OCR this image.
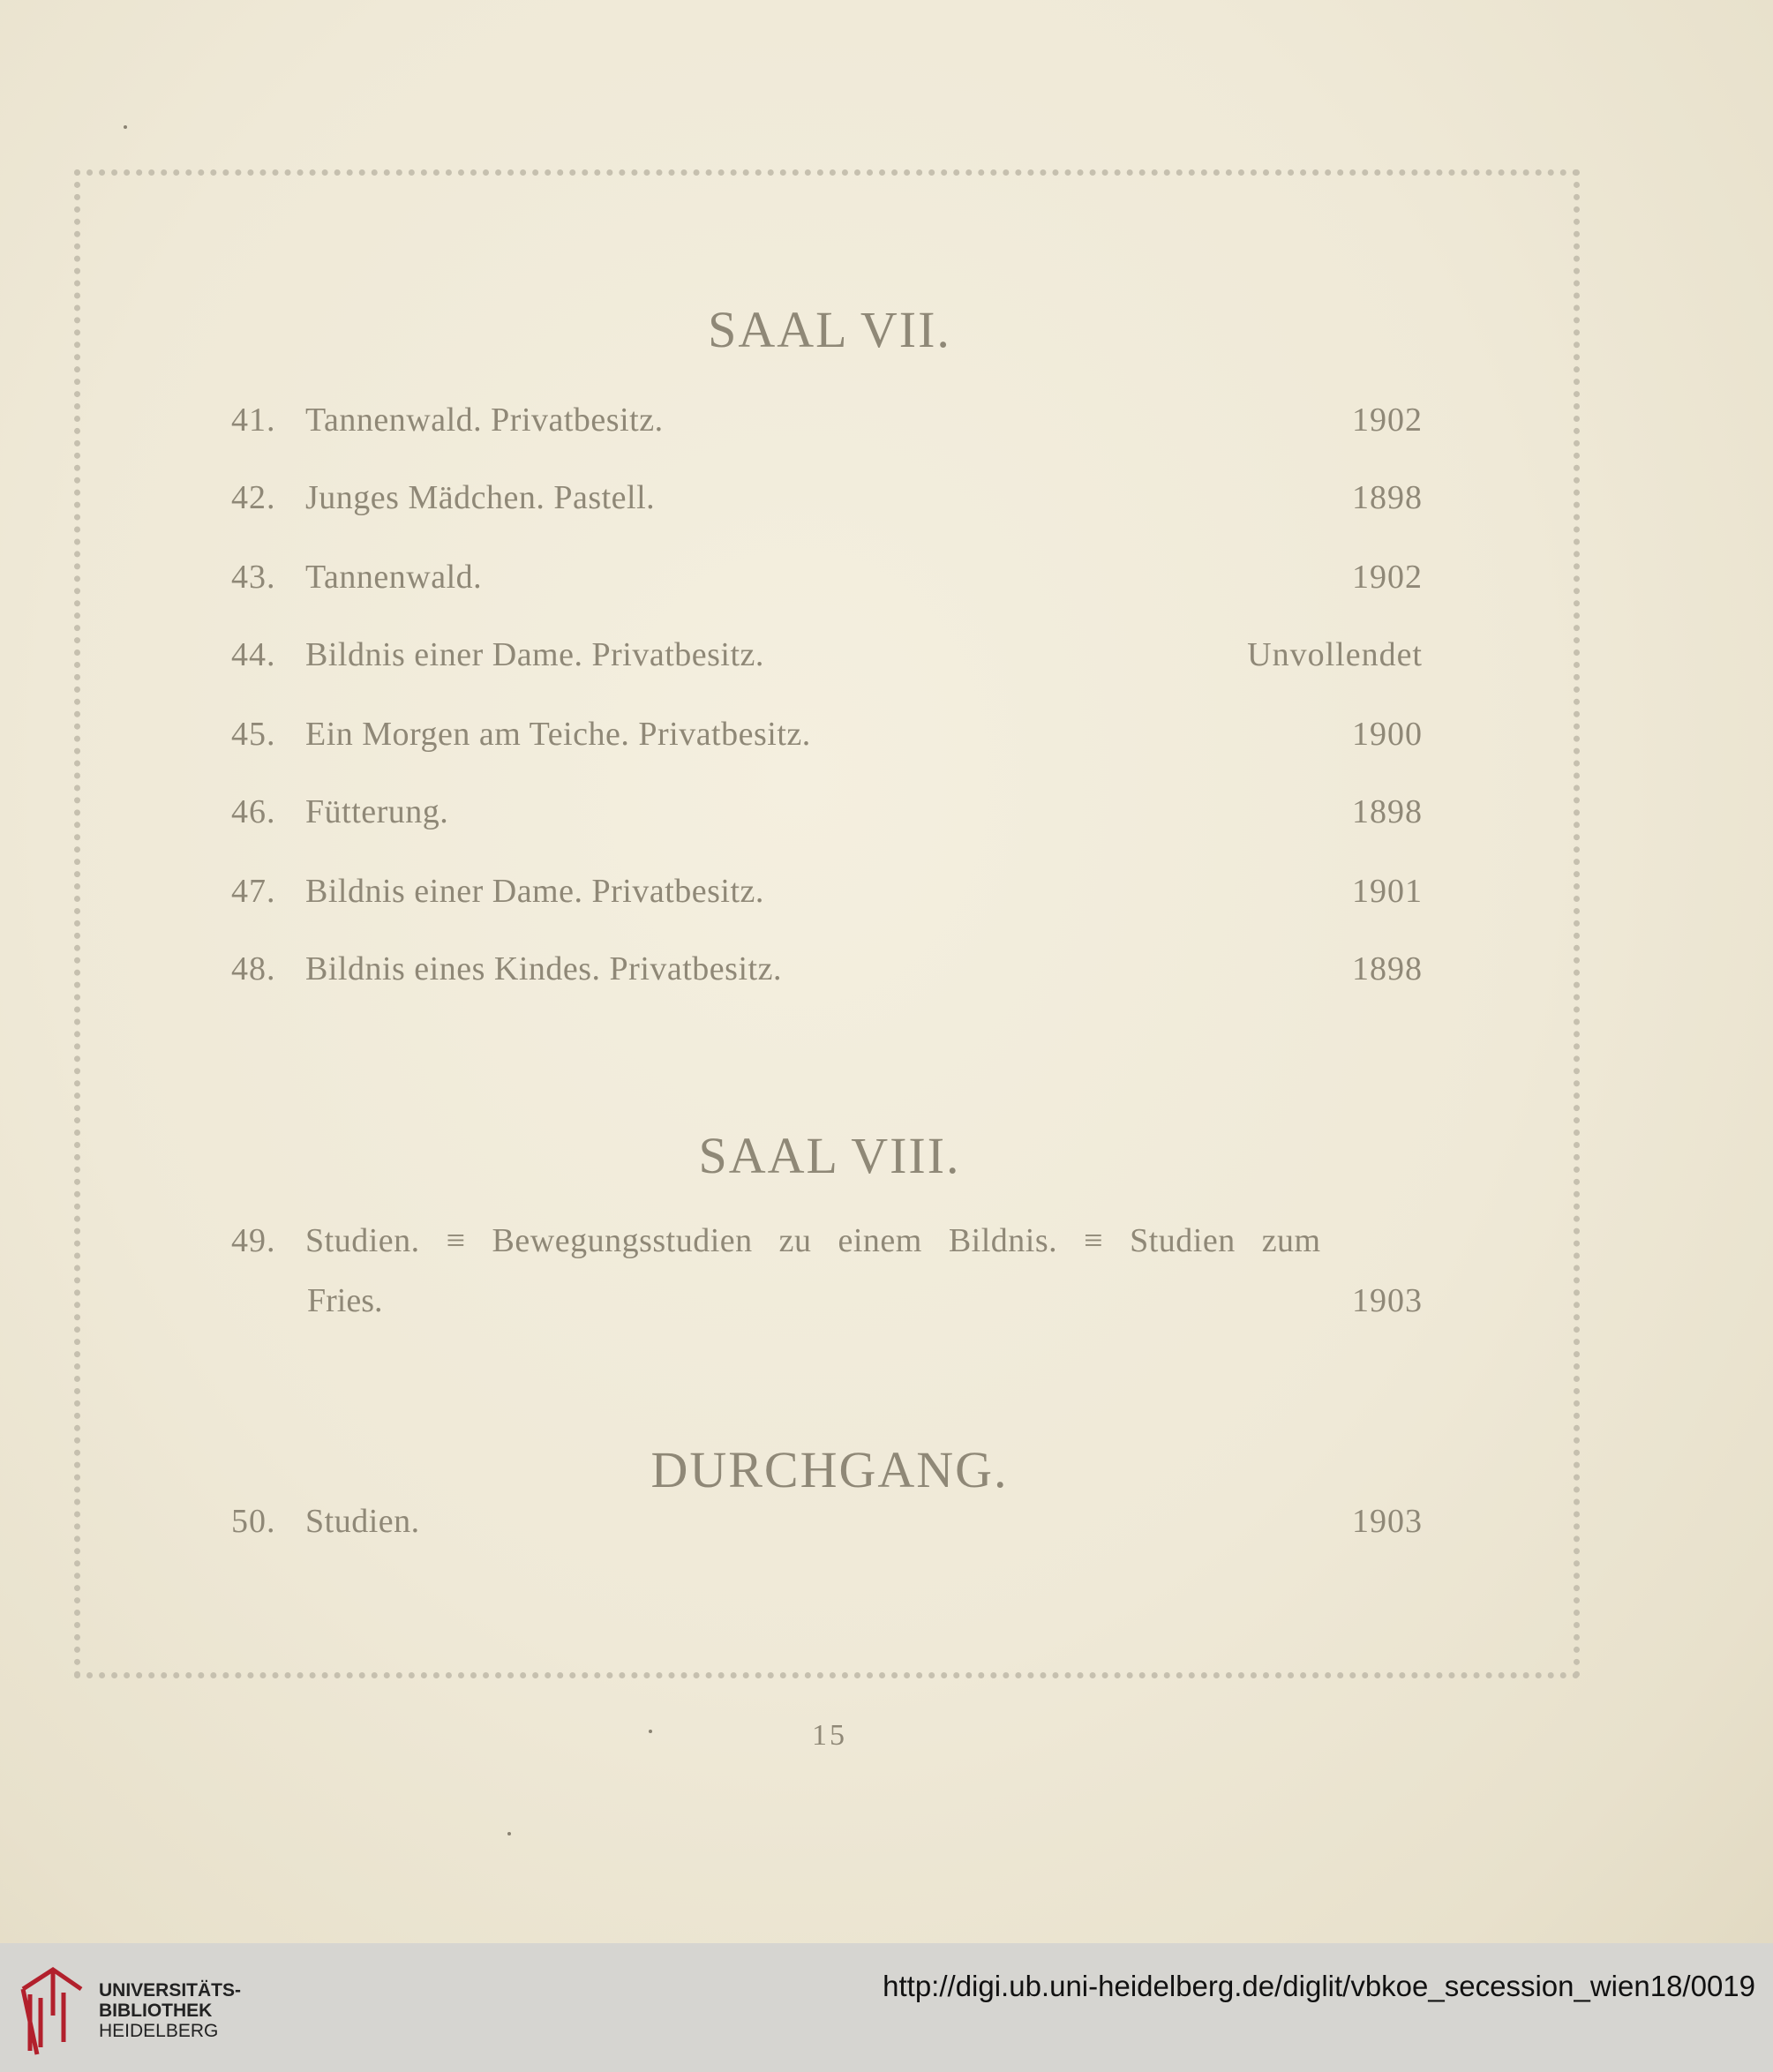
SAAL VII.
41. Tannenwald. Privatbesitz.	1902
42. Junges Mädchen. Pastell.	1898
43. Tannenwald.	1902
44. Bildnis einer Dame. Privatbesitz.	Unvollendet
45. Ein Morgen am Teiche. Privatbesitz.	1900
46. Fütterung.	1898
47. Bildnis einer Dame. Privatbesitz.	1901
48. Bildnis eines Kindes. Privatbesitz.	1898
SAAL VIII.
49. Studien. ≡ Bewegungsstudien zu einem Bildnis. ≡ Studien zum
Fries.	1903
DURCHGANG.
50. Studien.	1903
15
UNIVERSITÄTS-
BIBLIOTHEK
HEIDELBERG
http://digi.ub.uni-heidelberg.de/diglit/vbkoe_secession_wien18/0019
